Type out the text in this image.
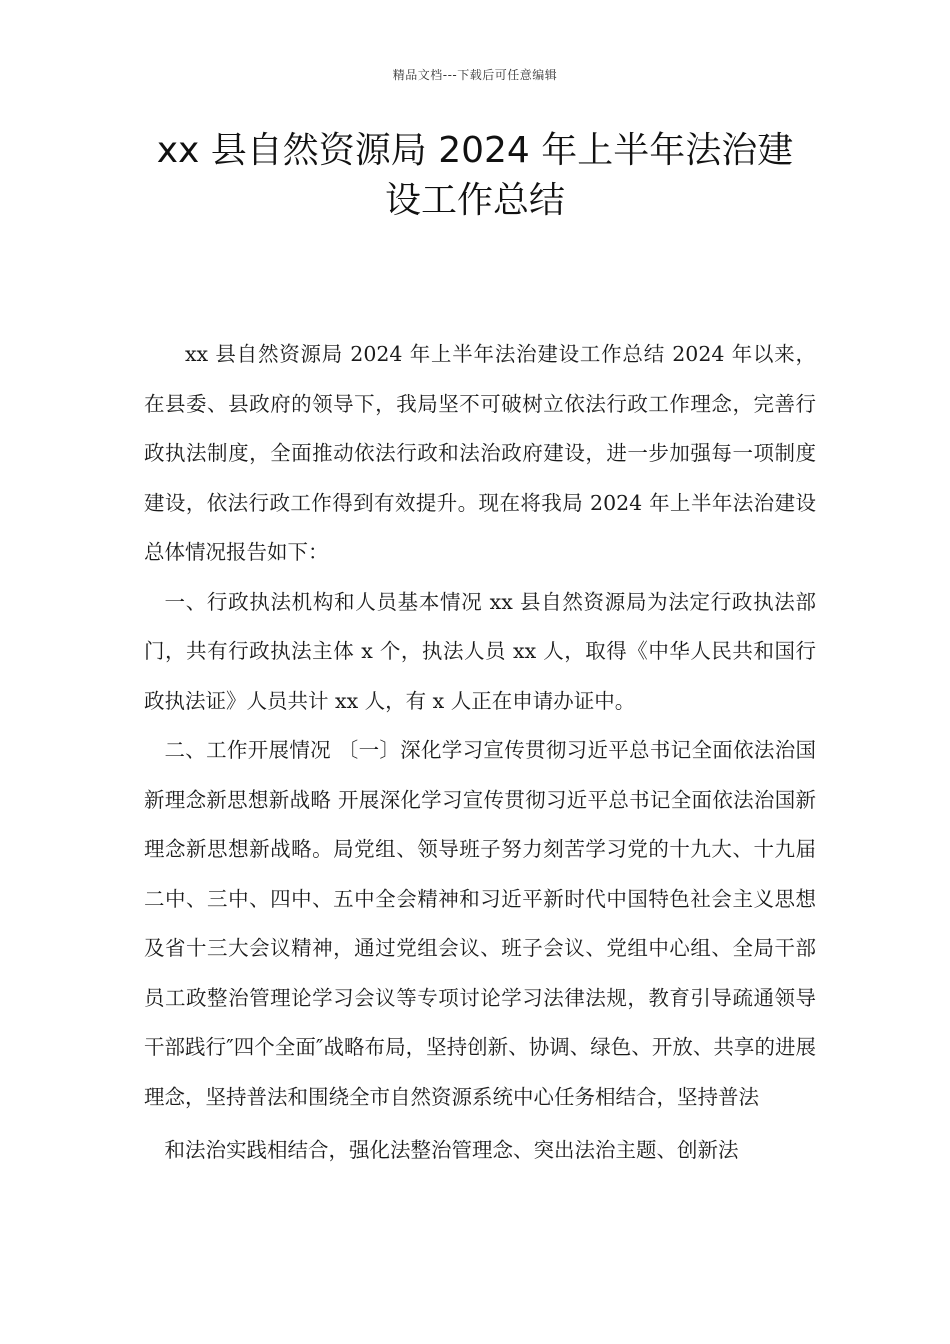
精品文档---下载后可任意编辑
xx 县自然资源局 2024 年上半年法治建
设工作总结

xx 县自然资源局 2024 年上半年法治建设工作总结 2024 年以来，在县委、县政府的领导下，我局坚不可破树立依法行政工作理念，完善行政执法制度，全面推动依法行政和法治政府建设，进一步加强每一项制度建设，依法行政工作得到有效提升。现在将我局 2024 年上半年法治建设总体情况报告如下：

一、行政执法机构和人员基本情况 xx 县自然资源局为法定行政执法部门，共有行政执法主体 x 个，执法人员 xx 人，取得《中华人民共和国行政执法证》人员共计 xx 人，有 x 人正在申请办证中。

二、工作开展情况 〔一〕深化学习宣传贯彻习近平总书记全面依法治国新理念新思想新战略 开展深化学习宣传贯彻习近平总书记全面依法治国新理念新思想新战略。局党组、领导班子努力刻苦学习党的十九大、十九届二中、三中、四中、五中全会精神和习近平新时代中国特色社会主义思想及省十三大会议精神，通过党组会议、班子会议、党组中心组、全局干部员工政整治管理论学习会议等专项讨论学习法律法规，教育引导疏通领导干部践行″四个全面″战略布局，坚持创新、协调、绿色、开放、共享的进展理念，坚持普法和围绕全市自然资源系统中心任务相结合，坚持普法

和法治实践相结合，强化法整治管理念、突出法治主题、创新法
